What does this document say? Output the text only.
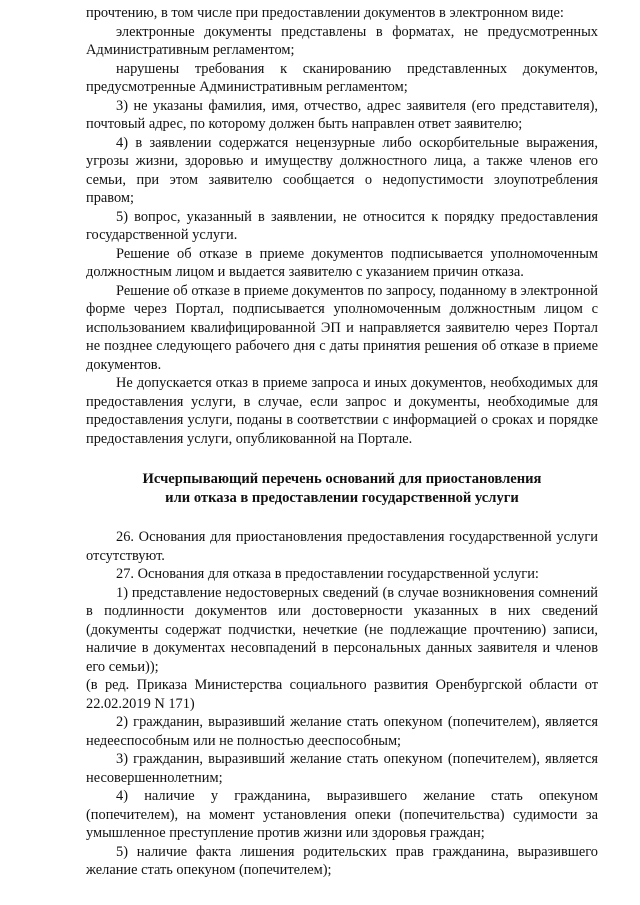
прочтению, в том числе при предоставлении документов в электронном виде:

электронные документы представлены в форматах, не предусмотренных Административным регламентом;

нарушены требования к сканированию представленных документов, предусмотренные Административным регламентом;

3) не указаны фамилия, имя, отчество, адрес заявителя (его представителя), почтовый адрес, по которому должен быть направлен ответ заявителю;

4) в заявлении содержатся нецензурные либо оскорбительные выражения, угрозы жизни, здоровью и имуществу должностного лица, а также членов его семьи, при этом заявителю сообщается о недопустимости злоупотребления правом;

5) вопрос, указанный в заявлении, не относится к порядку предоставления государственной услуги.

Решение об отказе в приеме документов подписывается уполномоченным должностным лицом и выдается заявителю с указанием причин отказа.

Решение об отказе в приеме документов по запросу, поданному в электронной форме через Портал, подписывается уполномоченным должностным лицом с использованием квалифицированной ЭП и направляется заявителю через Портал не позднее следующего рабочего дня с даты принятия решения об отказе в приеме документов.

Не допускается отказ в приеме запроса и иных документов, необходимых для предоставления услуги, в случае, если запрос и документы, необходимые для предоставления услуги, поданы в соответствии с информацией о сроках и порядке предоставления услуги, опубликованной на Портале.

Исчерпывающий перечень оснований для приостановления
или отказа в предоставлении государственной услуги

26. Основания для приостановления предоставления государственной услуги отсутствуют.

27. Основания для отказа в предоставлении государственной услуги:

1) представление недостоверных сведений (в случае возникновения сомнений в подлинности документов или достоверности указанных в них сведений (документы содержат подчистки, нечеткие (не подлежащие прочтению) записи, наличие в документах несовпадений в персональных данных заявителя и членов его семьи));

(в ред. Приказа Министерства социального развития Оренбургской области от 22.02.2019 N 171)

2) гражданин, выразивший желание стать опекуном (попечителем), является недееспособным или не полностью дееспособным;

3) гражданин, выразивший желание стать опекуном (попечителем), является несовершеннолетним;

4) наличие у гражданина, выразившего желание стать опекуном (попечителем), на момент установления опеки (попечительства) судимости за умышленное преступление против жизни или здоровья граждан;

5) наличие факта лишения родительских прав гражданина, выразившего желание стать опекуном (попечителем);
